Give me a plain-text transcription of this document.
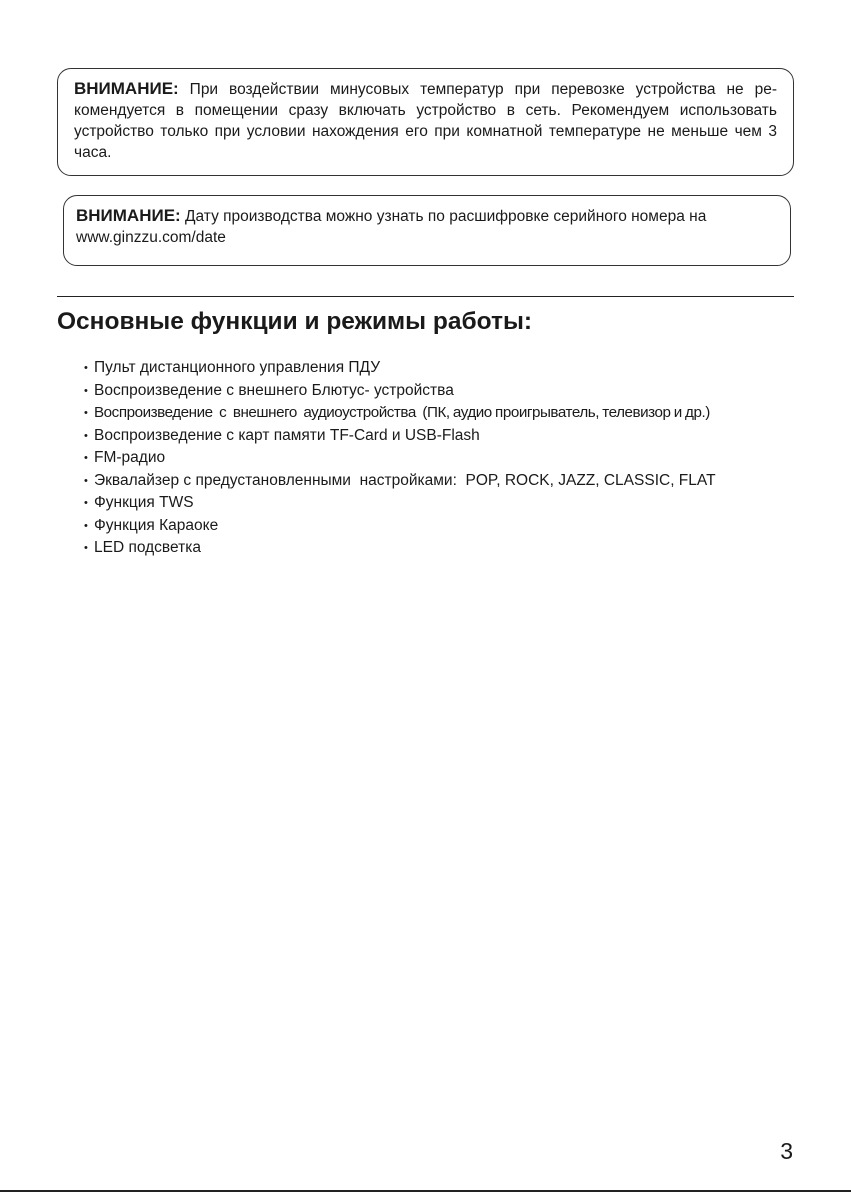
ВНИМАНИЕ: При воздействии минусовых температур при перевозке устройства не ре-комендуется в помещении сразу включать устройство в сеть. Рекомендуем использовать устройство только при условии нахождения его при комнатной температуре не меньше чем 3 часа.
ВНИМАНИЕ: Дату производства можно узнать по расшифровке серийного номера на www.ginzzu.com/date
Основные функции и режимы работы:
• Пульт дистанционного управления ПДУ
• Воспроизведение с внешнего Блютус- устройства
• Воспроизведение  с  внешнего  аудиоустройства  (ПК, аудио проигрыватель, телевизор и др.)
• Воспроизведение с карт памяти TF-Card и USB-Flash
• FM-радио
• Эквалайзер с предустановленными  настройками:  POP, ROCK, JAZZ, CLASSIC, FLAT
• Функция TWS
• Функция Караоке
• LED подсветка
3
